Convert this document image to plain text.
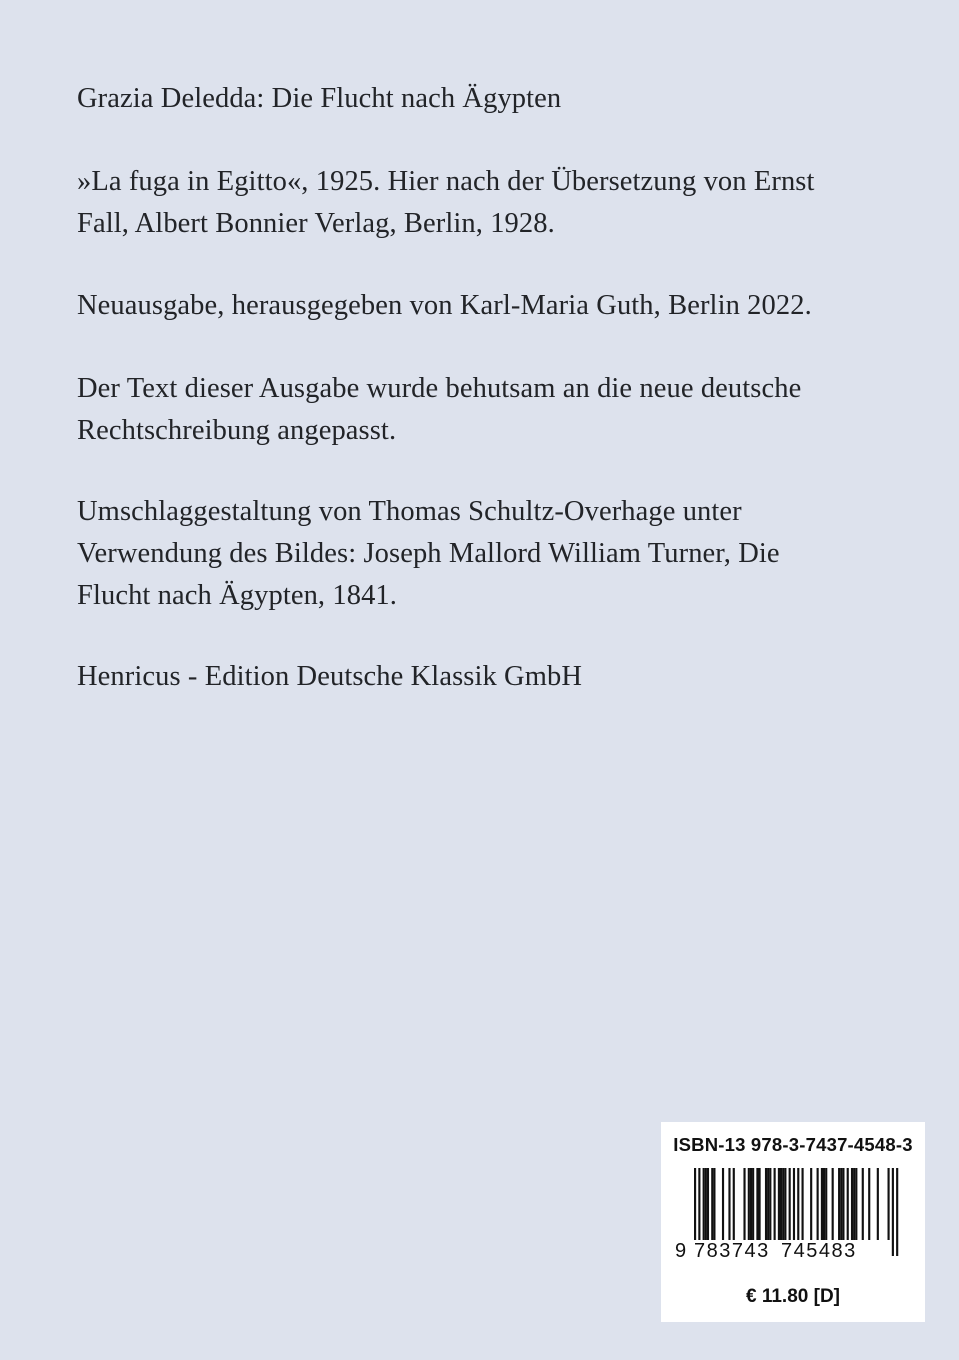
Grazia Deledda: Die Flucht nach Ägypten

»La fuga in Egitto«, 1925. Hier nach der Übersetzung von Ernst
Fall, Albert Bonnier Verlag, Berlin, 1928.

Neuausgabe, herausgegeben von Karl-Maria Guth, Berlin 2022.

Der Text dieser Ausgabe wurde behutsam an die neue deutsche
Rechtschreibung angepasst.

Umschlaggestaltung von Thomas Schultz-Overhage unter
Verwendung des Bildes: Joseph Mallord William Turner, Die
Flucht nach Ägypten, 1841.

Henricus - Edition Deutsche Klassik GmbH

ISBN-13 978-3-7437-4548-3
9 783743 745483
€ 11.80 [D]
